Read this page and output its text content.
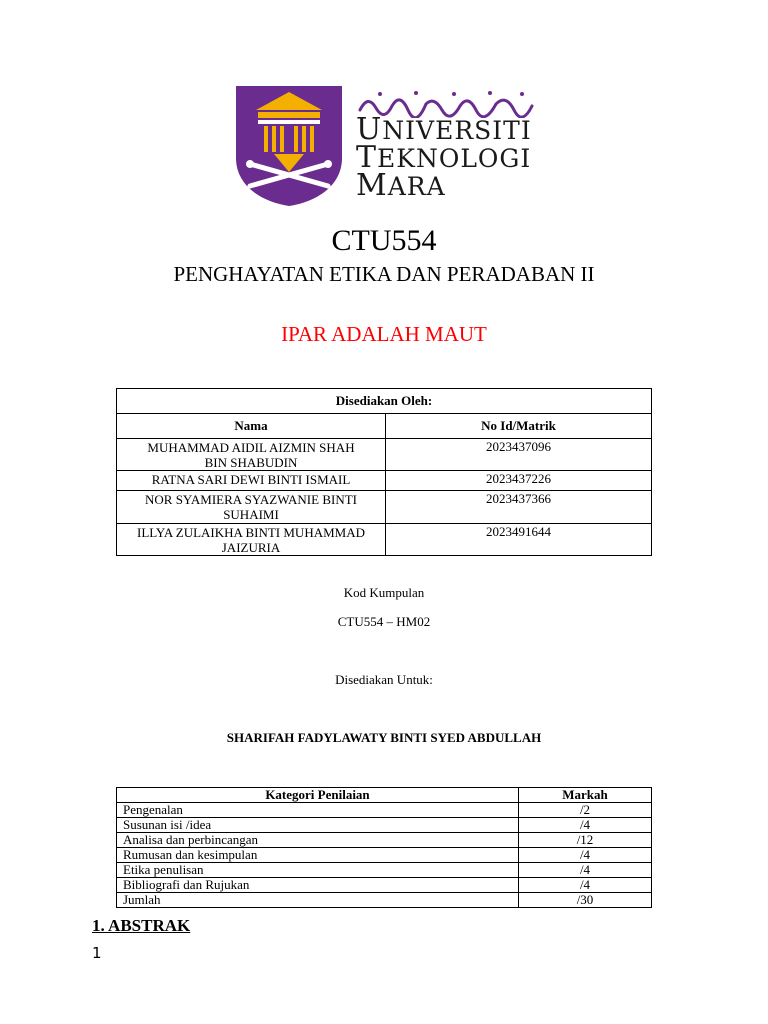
UNIVERSITI
TEKNOLOGI
MARA
CTU554
PENGHAYATAN ETIKA DAN PERADABAN II
IPAR ADALAH MAUT
Disediakan Oleh:	
Nama	No Id/Matrik
MUHAMMAD AIDIL AIZMIN SHAH
BIN SHABUDIN	2023437096
RATNA SARI DEWI BINTI ISMAIL	2023437226
NOR SYAMIERA SYAZWANIE BINTI
SUHAIMI	2023437366
ILLYA ZULAIKHA BINTI MUHAMMAD
JAIZURIA	2023491644
Kod Kumpulan
CTU554 – HM02
Disediakan Untuk:
SHARIFAH FADYLAWATY BINTI SYED ABDULLAH
Kategori Penilaian	Markah
Pengenalan	/2
Susunan isi /idea	/4
Analisa dan perbincangan	/12
Rumusan dan kesimpulan	/4
Etika penulisan	/4
Bibliografi dan Rujukan	/4
Jumlah	/30
1. ABSTRAK
1
